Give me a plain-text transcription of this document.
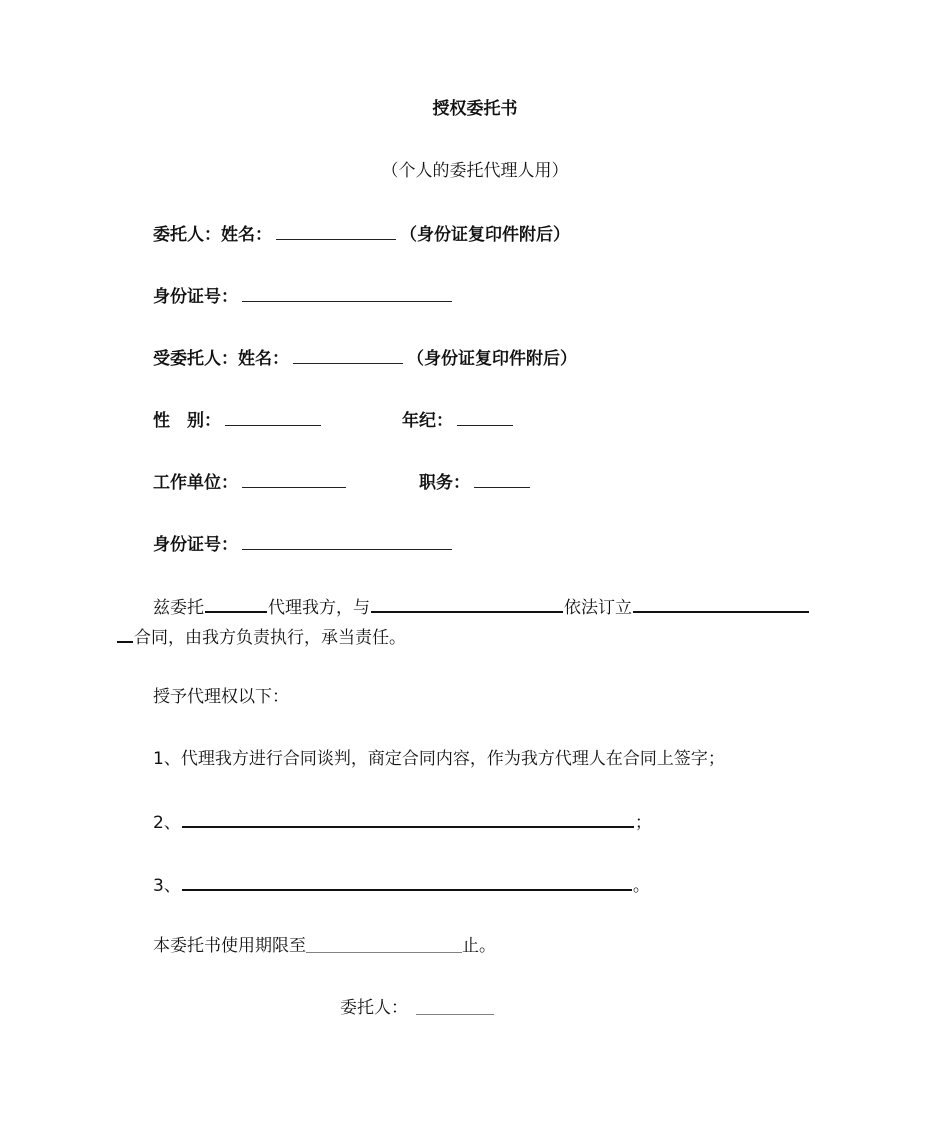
授权委托书
（个人的委托代理人用）
委托人：姓名：	（身份证复印件附后）
身份证号：
受委托人：姓名：	（身份证复印件附后）
性　别：	年纪：
工作单位：	职务：
身份证号：
兹委托	代理我方，与	依法订立
合同，由我方负责执行，承当责任。
授予代理权以下：
1、代理我方进行合同谈判，商定合同内容，作为我方代理人在合同上签字；
2、	；
3、	。
本委托书使用期限至＿＿＿＿＿＿＿＿＿＿＿＿止。
委托人： ＿＿＿＿＿＿
